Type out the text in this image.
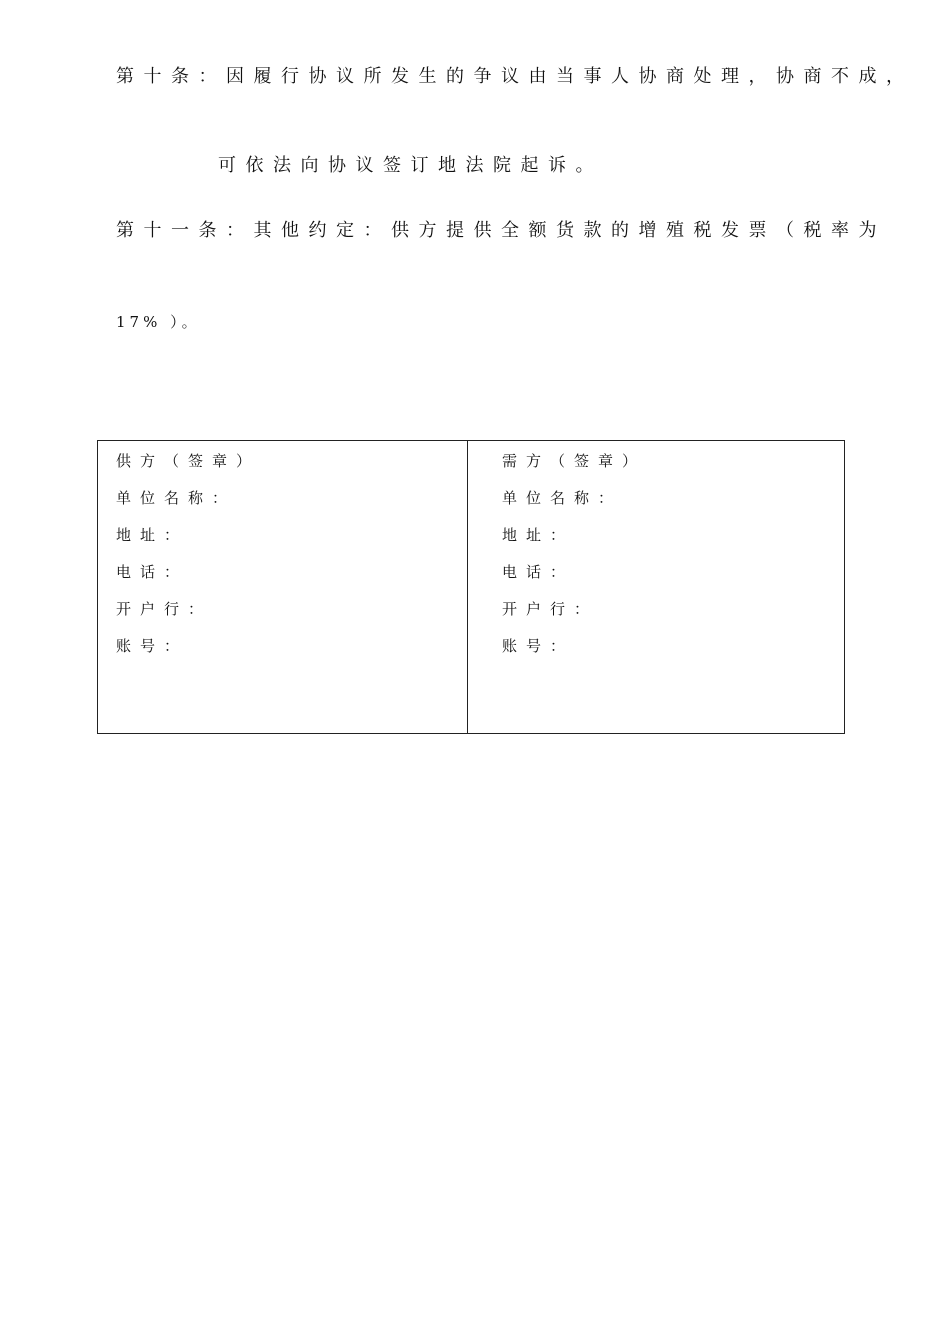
第十条：因履行协议所发生的争议由当事人协商处理，协商不成，
可依法向协议签订地法院起诉。
第十一条：其他约定：供方提供全额货款的增殖税发票（税率为
17% ）。
供方（签章）
单位名称：
地址：
电话：
开户行：
账号：
需方（签章）
单位名称：
地址：
电话：
开户行：
账号：
